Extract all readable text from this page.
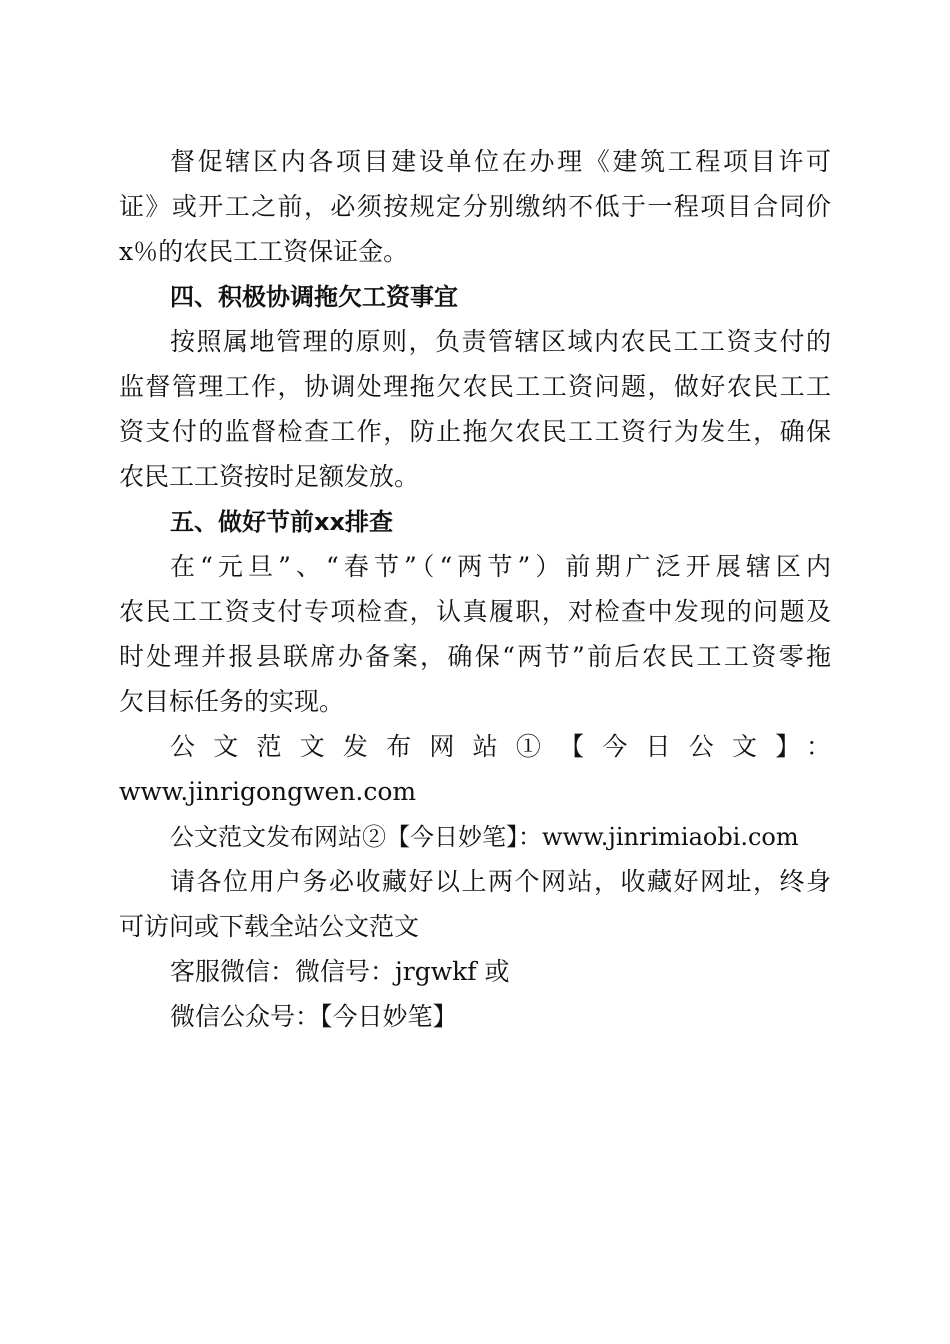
督促辖区内各项目建设单位在办理《建筑工程项目许可
证》或开工之前，必须按规定分别缴纳不低于一程项目合同价
x％的农民工工资保证金。
四、积极协调拖欠工资事宜
按照属地管理的原则，负责管辖区域内农民工工资支付的
监督管理工作，协调处理拖欠农民工工资问题，做好农民工工
资支付的监督检查工作，防止拖欠农民工工资行为发生，确保
农民工工资按时足额发放。
五、做好节前xx排查
在“元旦”、“春节”（“两节”）前期广泛开展辖区内
农民工工资支付专项检查，认真履职，对检查中发现的问题及
时处理并报县联席办备案，确保“两节”前后农民工工资零拖
欠目标任务的实现。
公文范文发布网站①【今日公文】：
www.jinrigongwen.com
公文范文发布网站②【今日妙笔】：www.jinrimiaobi.com
请各位用户务必收藏好以上两个网站，收藏好网址，终身
可访问或下载全站公文范文
客服微信：微信号：jrgwkf 或
微信公众号：【今日妙笔】
